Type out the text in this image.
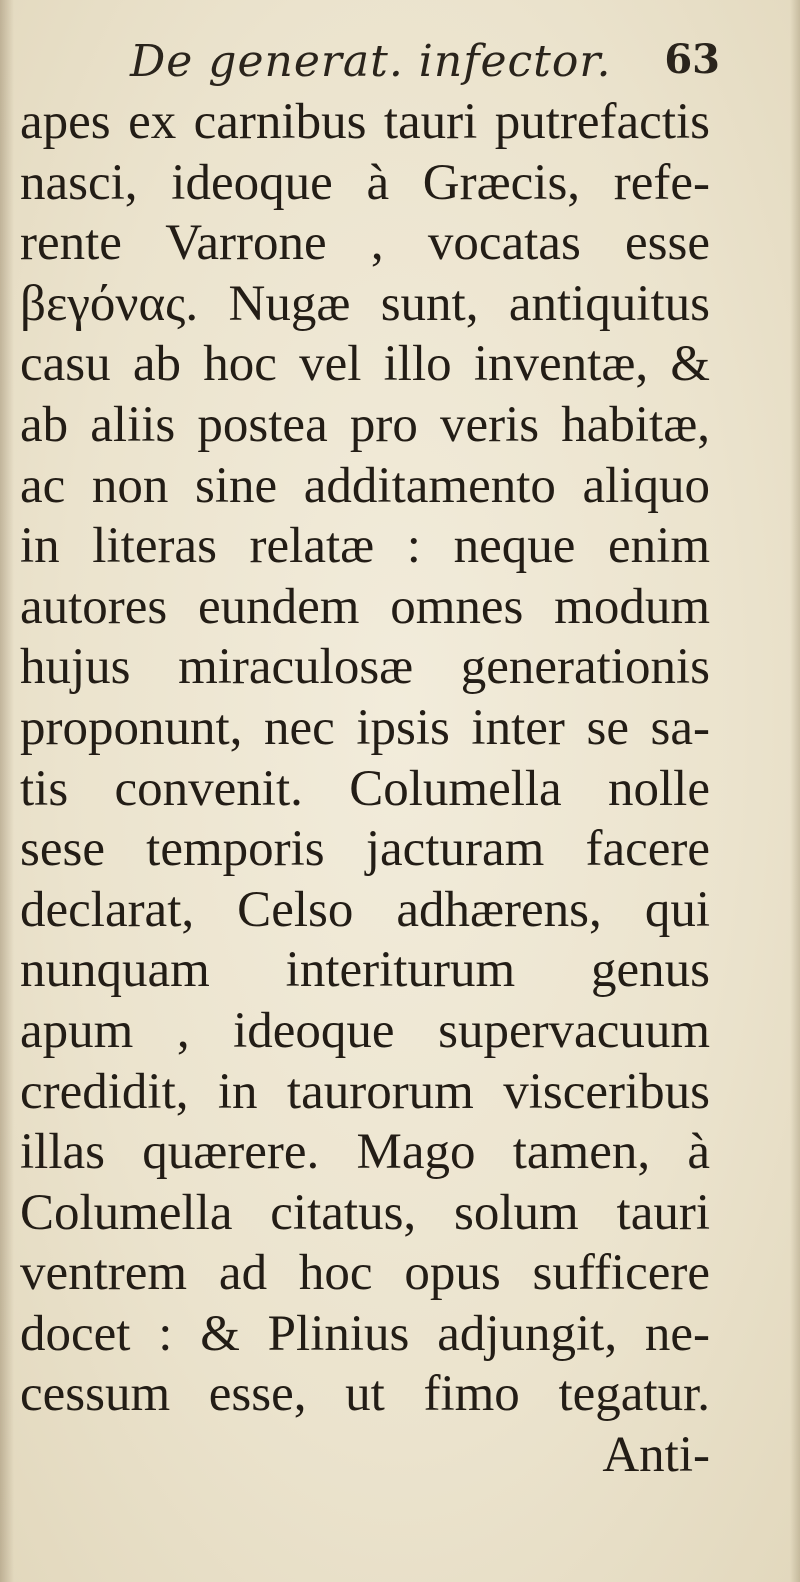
De generat. infector. 63
apes ex carnibus tauri putrefactis
nasci, ideoque à Græcis, refe-
rente Varrone , vocatas esse
βεγόνας. Nugæ sunt, antiquitus
casu ab hoc vel illo inventæ, &
ab aliis postea pro veris habitæ,
ac non sine additamento aliquo
in literas relatæ : neque enim
autores eundem omnes modum
hujus miraculosæ generationis
proponunt, nec ipsis inter se sa-
tis convenit. Columella nolle
sese temporis jacturam facere
declarat, Celso adhærens, qui
nunquam interiturum genus
apum , ideoque supervacuum
credidit, in taurorum visceribus
illas quærere. Mago tamen, à
Columella citatus, solum tauri
ventrem ad hoc opus sufficere
docet : & Plinius adjungit, ne-
cessum esse, ut fimo tegatur.
Anti-
